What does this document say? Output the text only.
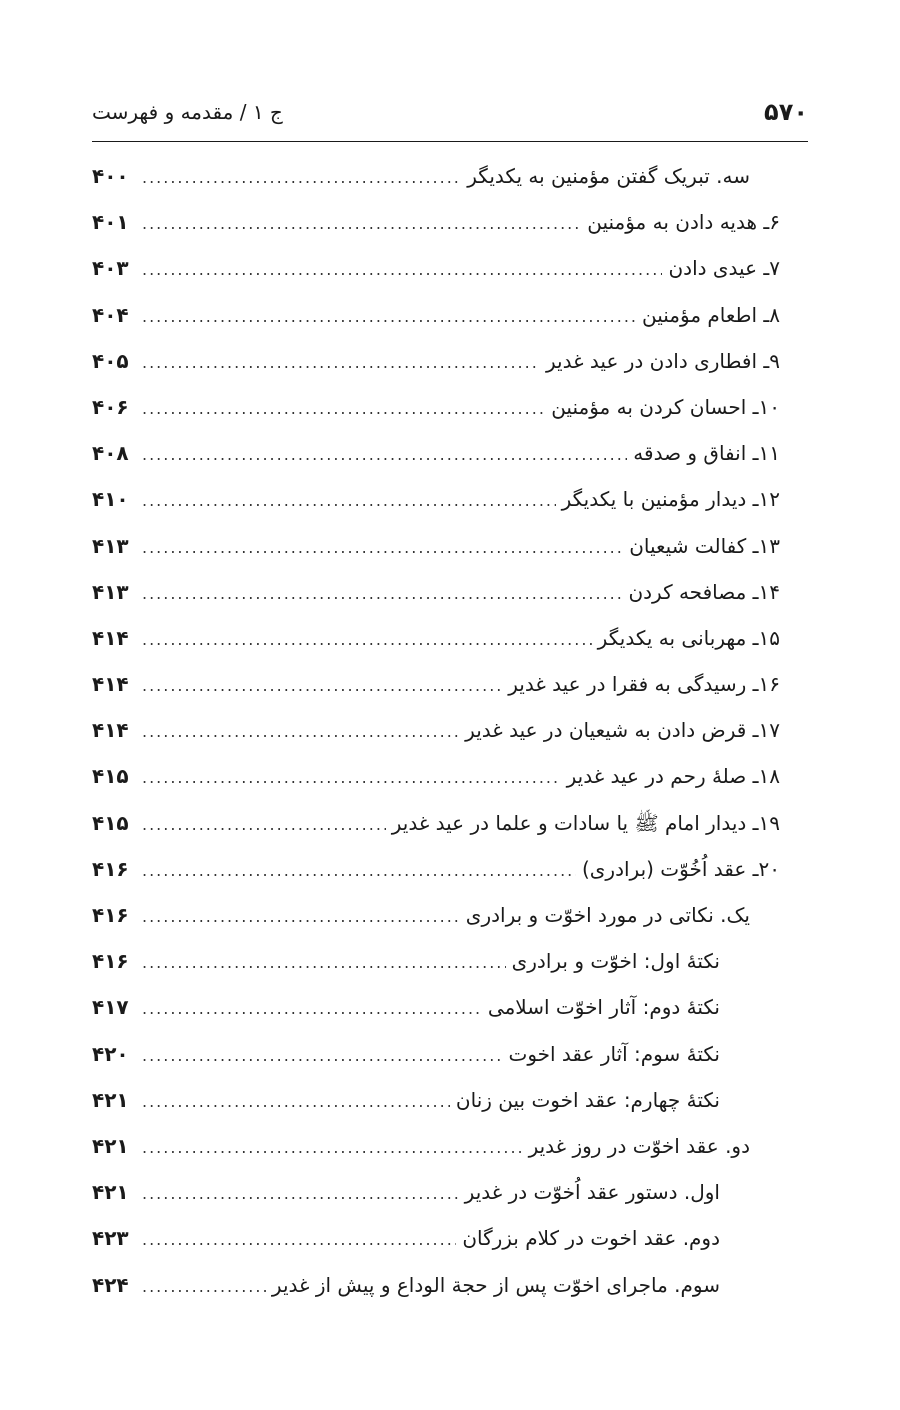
۵۷۰
ج ۱ / مقدمه و فهرست
سه. تبریک گفتن مؤمنین به یکدیگر
.....
۴۰۰
۶ـ هدیه دادن به مؤمنین
.....
۴۰۱
۷ـ عیدی دادن
.....
۴۰۳
۸ـ اطعام مؤمنین
.....
۴۰۴
۹ـ افطاری دادن در عید غدیر
.....
۴۰۵
۱۰ـ احسان کردن به مؤمنین
.....
۴۰۶
۱۱ـ انفاق و صدقه
.....
۴۰۸
۱۲ـ دیدار مؤمنین با یکدیگر
.....
۴۱۰
۱۳ـ کفالت شیعیان
.....
۴۱۳
۱۴ـ مصافحه کردن
.....
۴۱۳
۱۵ـ مهربانی به یکدیگر
.....
۴۱۴
۱۶ـ رسیدگی به فقرا در عید غدیر
.....
۴۱۴
۱۷ـ قرض دادن به شیعیان در عید غدیر
.....
۴۱۴
۱۸ـ صلهٔ رحم در عید غدیر
.....
۴۱۵
۱۹ـ دیدار امام ﷺ یا سادات و علما در عید غدیر
.....
۴۱۵
۲۰ـ عقد اُخُوّت (برادری)
.....
۴۱۶
یک. نکاتی در مورد اخوّت و برادری
.....
۴۱۶
نکتهٔ اول: اخوّت و برادری
.....
۴۱۶
نکتهٔ دوم: آثار اخوّت اسلامی
.....
۴۱۷
نکتهٔ سوم: آثار عقد اخوت
.....
۴۲۰
نکتهٔ چهارم: عقد اخوت بین زنان
.....
۴۲۱
دو. عقد اخوّت در روز غدیر
.....
۴۲۱
اول. دستور عقد اُخوّت در غدیر
.....
۴۲۱
دوم. عقد اخوت در کلام بزرگان
.....
۴۲۳
سوم. ماجرای اخوّت پس از حجة الوداع و پیش از غدیر
.....
۴۲۴
